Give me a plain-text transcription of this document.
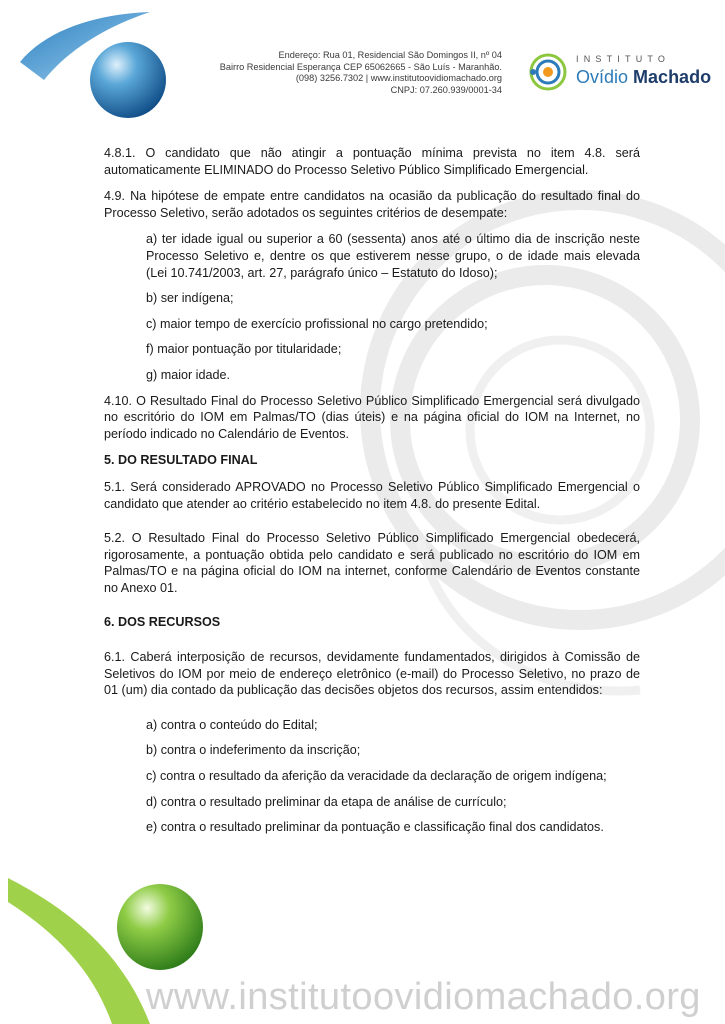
Endereço: Rua 01, Residencial São Domingos II, nº 04
Bairro Residencial Esperança CEP 65062665 - São Luís - Maranhão.
(098) 3256.7302 | www.institutoovidiomachado.org
CNPJ: 07.260.939/0001-34
INSTITUTO
Ovídio Machado

4.8.1. O candidato que não atingir a pontuação mínima prevista no item 4.8. será automaticamente ELIMINADO do Processo Seletivo Público Simplificado Emergencial.

4.9. Na hipótese de empate entre candidatos na ocasião da publicação do resultado final do Processo Seletivo, serão adotados os seguintes critérios de desempate:

a) ter idade igual ou superior a 60 (sessenta) anos até o último dia de inscrição neste Processo Seletivo e, dentre os que estiverem nesse grupo, o de idade mais elevada (Lei 10.741/2003, art. 27, parágrafo único – Estatuto do Idoso);

b) ser indígena;

c) maior tempo de exercício profissional no cargo pretendido;

f) maior pontuação por titularidade;

g) maior idade.

4.10. O Resultado Final do Processo Seletivo Público Simplificado Emergencial será divulgado no escritório do IOM em Palmas/TO (dias úteis) e na página oficial do IOM na Internet, no período indicado no Calendário de Eventos.

5. DO RESULTADO FINAL

5.1. Será considerado APROVADO no Processo Seletivo Público Simplificado Emergencial o candidato que atender ao critério estabelecido no item 4.8. do presente Edital.

5.2. O Resultado Final do Processo Seletivo Público Simplificado Emergencial obedecerá, rigorosamente, a pontuação obtida pelo candidato e será publicado no escritório do IOM em Palmas/TO e na página oficial do IOM na internet, conforme Calendário de Eventos constante no Anexo 01.

6. DOS RECURSOS

6.1. Caberá interposição de recursos, devidamente fundamentados, dirigidos à Comissão de Seletivos do IOM por meio de endereço eletrônico (e-mail) do Processo Seletivo, no prazo de 01 (um) dia contado da publicação das decisões objetos dos recursos, assim entendidos:

a) contra o conteúdo do Edital;

b) contra o indeferimento da inscrição;

c) contra o resultado da aferição da veracidade da declaração de origem indígena;

d) contra o resultado preliminar da etapa de análise de currículo;

e) contra o resultado preliminar da pontuação e classificação final dos candidatos.

www.institutoovidiomachado.org
